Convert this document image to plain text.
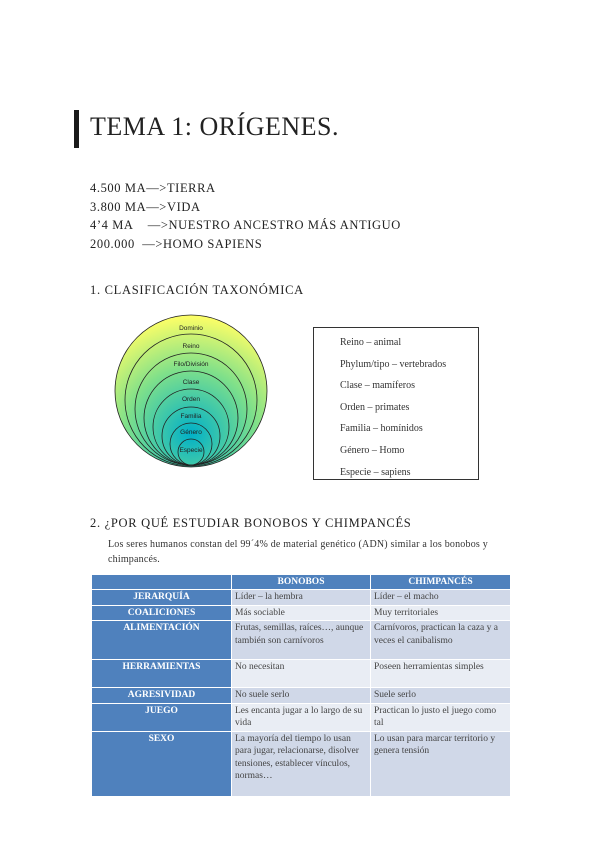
TEMA 1: ORÍGENES.
4.500 MA—>TIERRA
3.800 MA—>VIDA
4’4 MA    —>NUESTRO ANCESTRO MÁS ANTIGUO
200.000  —>HOMO SAPIENS
1. CLASIFICACIÓN TAXONÓMICA
Dominio
Reino
Filo/División
Clase
Orden
Familia
Género
Especie
Reino – animal
Phylum/tipo – vertebrados
Clase – mamíferos
Orden – primates
Familia – homínidos
Género – Homo
Especie – sapiens
2. ¿POR QUÉ ESTUDIAR BONOBOS Y CHIMPANCÉS
Los seres humanos constan del 99´4% de material genético (ADN) similar a los bonobos y chimpancés.
	BONOBOS	CHIMPANCÉS
JERARQUÍA	Líder – la hembra	Líder – el macho
COALICIONES	Más sociable	Muy territoriales
ALIMENTACIÓN	Frutas, semillas, raíces…, aunque también son carnívoros	Carnívoros, practican la caza y a veces el canibalismo
HERRAMIENTAS	No necesitan	Poseen herramientas simples
AGRESIVIDAD	No suele serlo	Suele serlo
JUEGO	Les encanta jugar a lo largo de su vida	Practican lo justo el juego como tal
SEXO	La mayoría del tiempo lo usan para jugar, relacionarse, disolver tensiones, establecer vínculos, normas…	Lo usan para marcar territorio y genera tensión
